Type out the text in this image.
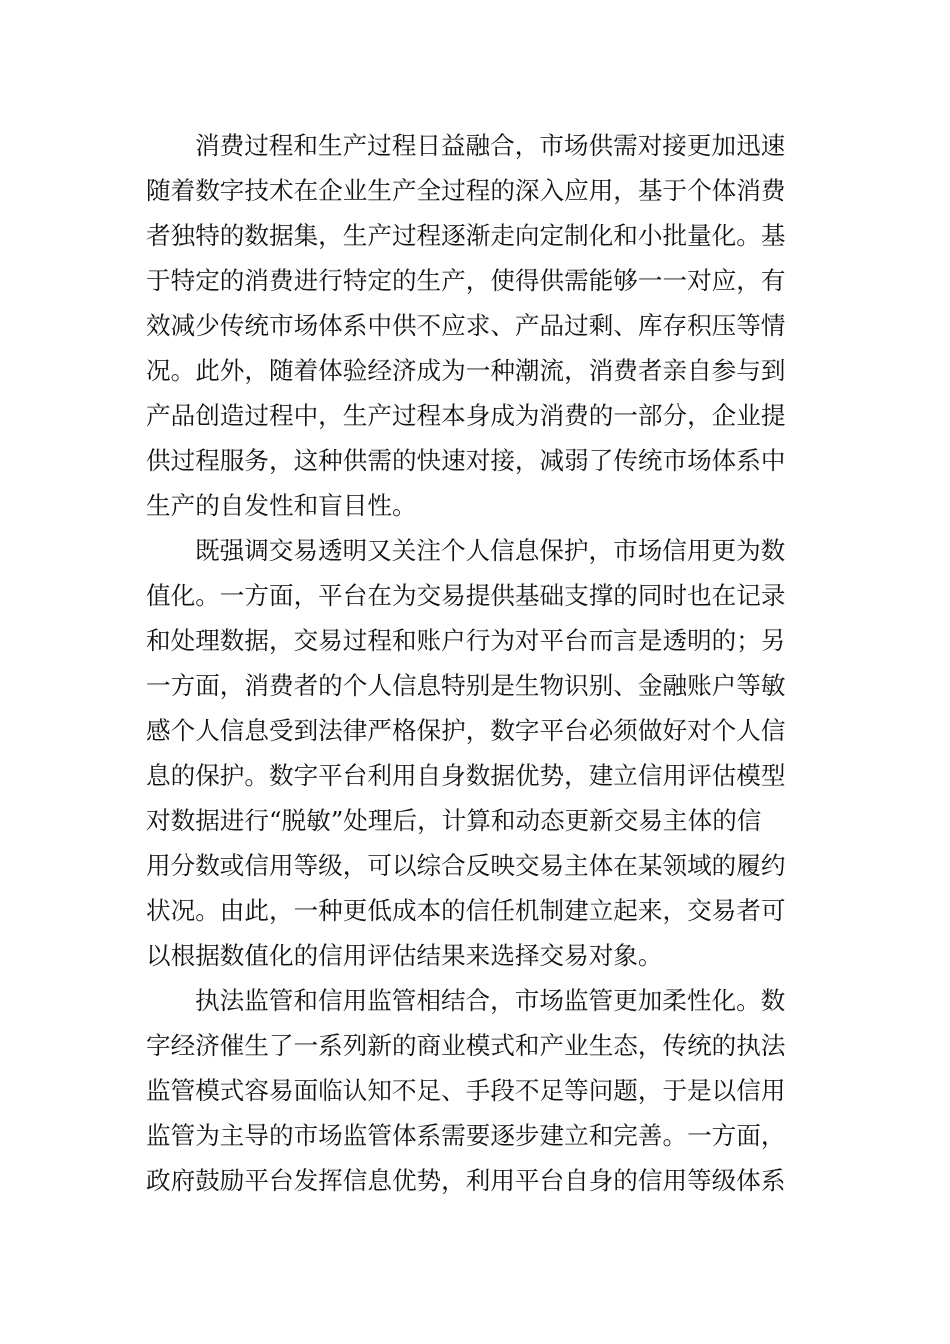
消费过程和生产过程日益融合，市场供需对接更加迅速
随着数字技术在企业生产全过程的深入应用，基于个体消费
者独特的数据集，生产过程逐渐走向定制化和小批量化。基
于特定的消费进行特定的生产，使得供需能够一一对应，有
效减少传统市场体系中供不应求、产品过剩、库存积压等情
况。此外，随着体验经济成为一种潮流，消费者亲自参与到
产品创造过程中，生产过程本身成为消费的一部分，企业提
供过程服务，这种供需的快速对接，减弱了传统市场体系中
生产的自发性和盲目性。
既强调交易透明又关注个人信息保护，市场信用更为数
值化。一方面，平台在为交易提供基础支撑的同时也在记录
和处理数据，交易过程和账户行为对平台而言是透明的；另
一方面，消费者的个人信息特别是生物识别、金融账户等敏
感个人信息受到法律严格保护，数字平台必须做好对个人信
息的保护。数字平台利用自身数据优势，建立信用评估模型
对数据进行“脱敏”处理后，计算和动态更新交易主体的信
用分数或信用等级，可以综合反映交易主体在某领域的履约
状况。由此，一种更低成本的信任机制建立起来，交易者可
以根据数值化的信用评估结果来选择交易对象。
执法监管和信用监管相结合，市场监管更加柔性化。数
字经济催生了一系列新的商业模式和产业生态，传统的执法
监管模式容易面临认知不足、手段不足等问题，于是以信用
监管为主导的市场监管体系需要逐步建立和完善。一方面，
政府鼓励平台发挥信息优势，利用平台自身的信用等级体系
